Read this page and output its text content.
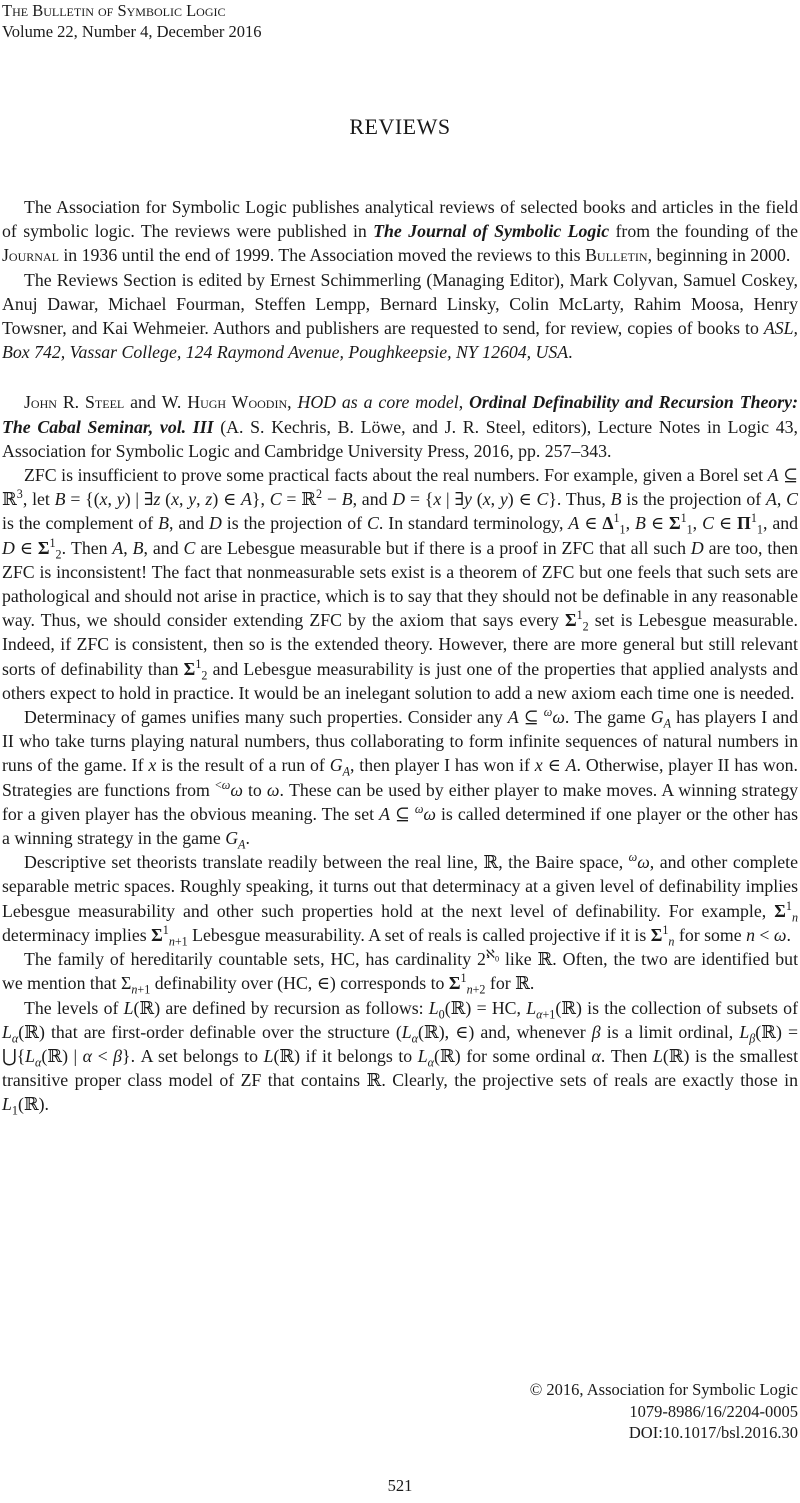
The Bulletin of Symbolic Logic
Volume 22, Number 4, December 2016
REVIEWS

The Association for Symbolic Logic publishes analytical reviews of selected books and articles in the field of symbolic logic. The reviews were published in The Journal of Symbolic Logic from the founding of the Journal in 1936 until the end of 1999. The Association moved the reviews to this Bulletin, beginning in 2000.

The Reviews Section is edited by Ernest Schimmerling (Managing Editor), Mark Colyvan, Samuel Coskey, Anuj Dawar, Michael Fourman, Steffen Lempp, Bernard Linsky, Colin McLarty, Rahim Moosa, Henry Towsner, and Kai Wehmeier. Authors and publishers are requested to send, for review, copies of books to ASL, Box 742, Vassar College, 124 Raymond Avenue, Poughkeepsie, NY 12604, USA.

John R. Steel and W. Hugh Woodin, HOD as a core model, Ordinal Definability and Recursion Theory: The Cabal Seminar, vol. III (A. S. Kechris, B. Löwe, and J. R. Steel, editors), Lecture Notes in Logic 43, Association for Symbolic Logic and Cambridge University Press, 2016, pp. 257–343.

ZFC is insufficient to prove some practical facts about the real numbers. For example, given a Borel set A ⊆ ℝ$^3$, let B = {(x, y) | ∃z (x, y, z) ∈ A}, C = ℝ$^2$ − B, and D = {x | ∃y (x, y) ∈ C}. Thus, B is the projection of A, C is the complement of B, and D is the projection of C. In standard terminology, A ∈ $\Delta^1_1$, B ∈ $\Sigma^1_1$, C ∈ $\Pi^1_1$, and D ∈ $\Sigma^1_2$. Then A, B, and C are Lebesgue measurable but if there is a proof in ZFC that all such D are too, then ZFC is inconsistent! The fact that nonmeasurable sets exist is a theorem of ZFC but one feels that such sets are pathological and should not arise in practice, which is to say that they should not be definable in any reasonable way. Thus, we should consider extending ZFC by the axiom that says every $\Sigma^1_2$ set is Lebesgue measurable. Indeed, if ZFC is consistent, then so is the extended theory. However, there are more general but still relevant sorts of definability than $\Sigma^1_2$ and Lebesgue measurability is just one of the properties that applied analysts and others expect to hold in practice. It would be an inelegant solution to add a new axiom each time one is needed.

Determinacy of games unifies many such properties. Consider any A ⊆ $^\omega$ω. The game $G_A$ has players I and II who take turns playing natural numbers, thus collaborating to form infinite sequences of natural numbers in runs of the game. If x is the result of a run of $G_A$, then player I has won if x ∈ A. Otherwise, player II has won. Strategies are functions from $^{<\omega}$ω to ω. These can be used by either player to make moves. A winning strategy for a given player has the obvious meaning. The set A ⊆ $^\omega$ω is called determined if one player or the other has a winning strategy in the game $G_A$.

Descriptive set theorists translate readily between the real line, ℝ, the Baire space, $^\omega$ω, and other complete separable metric spaces. Roughly speaking, it turns out that determinacy at a given level of definability implies Lebesgue measurability and other such properties hold at the next level of definability. For example, $\Sigma^1_n$ determinacy implies $\Sigma^1_{n+1}$ Lebesgue measurability. A set of reals is called projective if it is $\Sigma^1_n$ for some n < ω.

The family of hereditarily countable sets, HC, has cardinality $2^{ℵ_0}$ like ℝ. Often, the two are identified but we mention that $\Sigma_{n+1}$ definability over (HC, ∈) corresponds to $\Sigma^1_{n+2}$ for ℝ.

The levels of L(ℝ) are defined by recursion as follows: $L_0(ℝ)$ = HC, $L_{\alpha+1}(ℝ)$ is the collection of subsets of $L_\alpha(ℝ)$ that are first-order definable over the structure ($L_\alpha(ℝ)$, ∈) and, whenever β is a limit ordinal, $L_\beta(ℝ)$ = $⋃\{L_\alpha(ℝ)$ | α < β}. A set belongs to L(ℝ) if it belongs to $L_\alpha(ℝ)$ for some ordinal α. Then L(ℝ) is the smallest transitive proper class model of ZF that contains ℝ. Clearly, the projective sets of reals are exactly those in $L_1(ℝ)$.

© 2016, Association for Symbolic Logic
1079-8986/16/2204-0005
DOI:10.1017/bsl.2016.30
521
